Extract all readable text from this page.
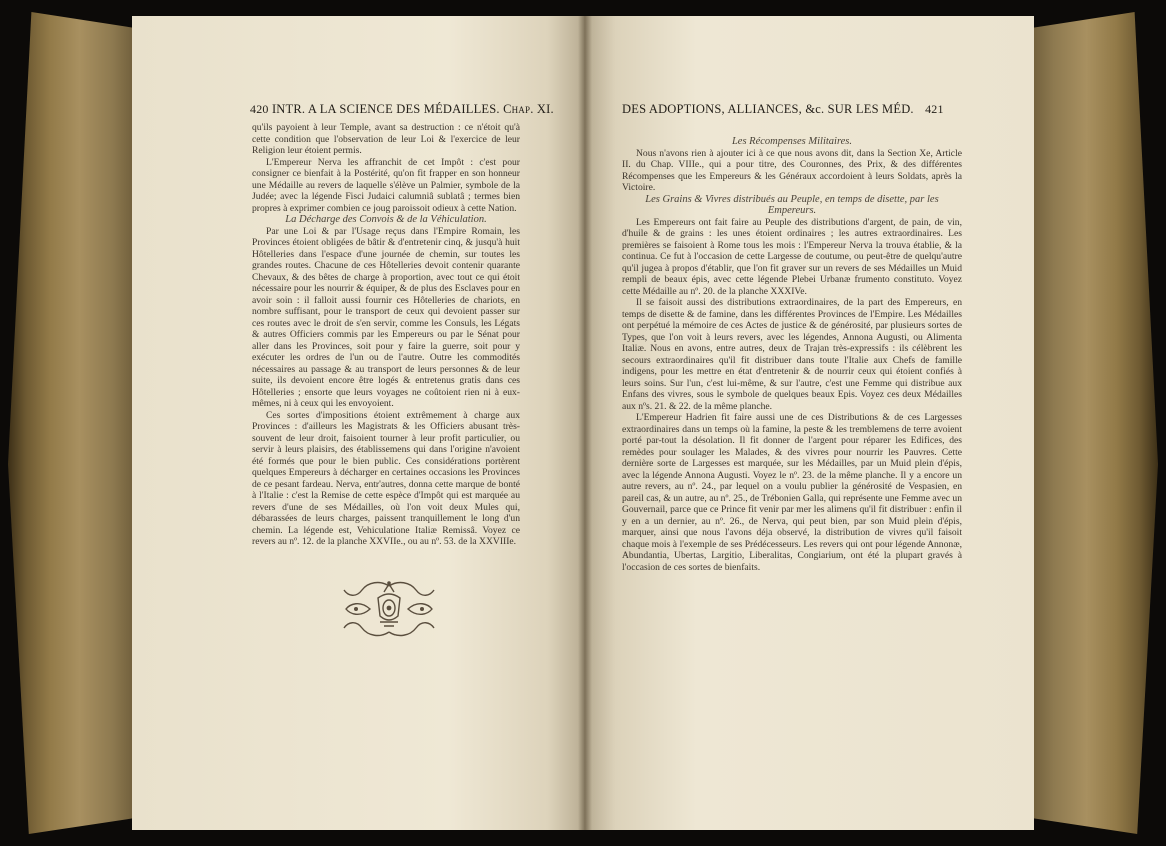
420 INTR. A LA SCIENCE DES MÉDAILLES. Chap. XI.

qu'ils payoient à leur Temple, avant sa destruction : ce n'étoit qu'à cette condition que l'observation de leur Loi & l'exercice de leur Religion leur étoient permis.

L'Empereur Nerva les affranchit de cet Impôt : c'est pour consigner ce bienfait à la Postérité, qu'on fit frapper en son honneur une Médaille au revers de laquelle s'élève un Palmier, symbole de la Judée; avec la légende Fisci Judaici calumniâ sublatâ ; termes bien propres à exprimer combien ce joug paroissoit odieux à cette Nation.

La Décharge des Convois & de la Véhiculation.

Par une Loi & par l'Usage reçus dans l'Empire Romain, les Provinces étoient obligées de bâtir & d'entretenir cinq, & jusqu'à huit Hôtelleries dans l'espace d'une journée de chemin, sur toutes les grandes routes. Chacune de ces Hôtelleries devoit contenir quarante Chevaux, & des bêtes de charge à proportion, avec tout ce qui étoit nécessaire pour les nourrir & équiper, & de plus des Esclaves pour en avoir soin : il falloit aussi fournir ces Hôtelleries de chariots, en nombre suffisant, pour le transport de ceux qui devoient passer sur ces routes avec le droit de s'en servir, comme les Consuls, les Légats & autres Officiers commis par les Empereurs ou par le Sénat pour aller dans les Provinces, soit pour y faire la guerre, soit pour y exécuter les ordres de l'un ou de l'autre. Outre les commodités nécessaires au passage & au transport de leurs personnes & de leur suite, ils devoient encore être logés & entretenus gratis dans ces Hôtelleries ; ensorte que leurs voyages ne coûtoient rien ni à eux-mêmes, ni à ceux qui les envoyoient.

Ces sortes d'impositions étoient extrêmement à charge aux Provinces : d'ailleurs les Magistrats & les Officiers abusant très-souvent de leur droit, faisoient tourner à leur profit particulier, ou servir à leurs plaisirs, des établissemens qui dans l'origine n'avoient été formés que pour le bien public. Ces considérations portèrent quelques Empereurs à décharger en certaines occasions les Provinces de ce pesant fardeau. Nerva, entr'autres, donna cette marque de bonté à l'Italie : c'est la Remise de cette espèce d'Impôt qui est marquée au revers d'une de ses Médailles, où l'on voit deux Mules qui, débarassées de leurs charges, paissent tranquillement le long d'un chemin. La légende est, Vehiculatione Italiæ Remissâ. Voyez ce revers au nº. 12. de la planche XXVIIe., ou au nº. 53. de la XXVIIIe.

DES ADOPTIONS, ALLIANCES, &c. SUR LES MÉD. 421

Les Récompenses Militaires.

Nous n'avons rien à ajouter ici à ce que nous avons dit, dans la Section Xe, Article II. du Chap. VIIIe., qui a pour titre, des Couronnes, des Prix, & des différentes Récompenses que les Empereurs & les Généraux accordoient à leurs Soldats, après la Victoire.

Les Grains & Vivres distribués au Peuple, en temps de disette, par les Empereurs.

Les Empereurs ont fait faire au Peuple des distributions d'argent, de pain, de vin, d'huile & de grains : les unes étoient ordinaires ; les autres extraordinaires. Les premières se faisoient à Rome tous les mois : l'Empereur Nerva la trouva établie, & la continua. Ce fut à l'occasion de cette Largesse de coutume, ou peut-être de quelqu'autre qu'il jugea à propos d'établir, que l'on fit graver sur un revers de ses Médailles un Muid rempli de beaux épis, avec cette légende Plebei Urbanæ frumento constituto. Voyez cette Médaille au nº. 20. de la planche XXXIVe.

Il se faisoit aussi des distributions extraordinaires, de la part des Empereurs, en temps de disette & de famine, dans les différentes Provinces de l'Empire. Les Médailles ont perpétué la mémoire de ces Actes de justice & de générosité, par plusieurs sortes de Types, que l'on voit à leurs revers, avec les légendes, Annona Augusti, ou Alimenta Italiæ. Nous en avons, entre autres, deux de Trajan très-expressifs : ils célèbrent les secours extraordinaires qu'il fit distribuer dans toute l'Italie aux Chefs de famille indigens, pour les mettre en état d'entretenir & de nourrir ceux qui étoient confiés à leurs soins. Sur l'un, c'est lui-même, & sur l'autre, c'est une Femme qui distribue aux Enfans des vivres, sous le symbole de quelques beaux Epis. Voyez ces deux Médailles aux nºs. 21. & 22. de la même planche.

L'Empereur Hadrien fit faire aussi une de ces Distributions & de ces Largesses extraordinaires dans un temps où la famine, la peste & les tremblemens de terre avoient porté par-tout la désolation. Il fit donner de l'argent pour réparer les Edifices, des remèdes pour soulager les Malades, & des vivres pour nourrir les Pauvres. Cette dernière sorte de Largesses est marquée, sur les Médailles, par un Muid plein d'épis, avec la légende Annona Augusti. Voyez le nº. 23. de la même planche. Il y a encore un autre revers, au nº. 24., par lequel on a voulu publier la générosité de Vespasien, en pareil cas, & un autre, au nº. 25., de Trébonien Galla, qui représente une Femme avec un Gouvernail, parce que ce Prince fit venir par mer les alimens qu'il fit distribuer : enfin il y en a un dernier, au nº. 26., de Nerva, qui peut bien, par son Muid plein d'épis, marquer, ainsi que nous l'avons déja observé, la distribution de vivres qu'il faisoit chaque mois à l'exemple de ses Prédécesseurs. Les revers qui ont pour légende Annonæ, Abundantia, Ubertas, Largitio, Liberalitas, Congiarium, ont été la plupart gravés à l'occasion de ces sortes de bienfaits.
